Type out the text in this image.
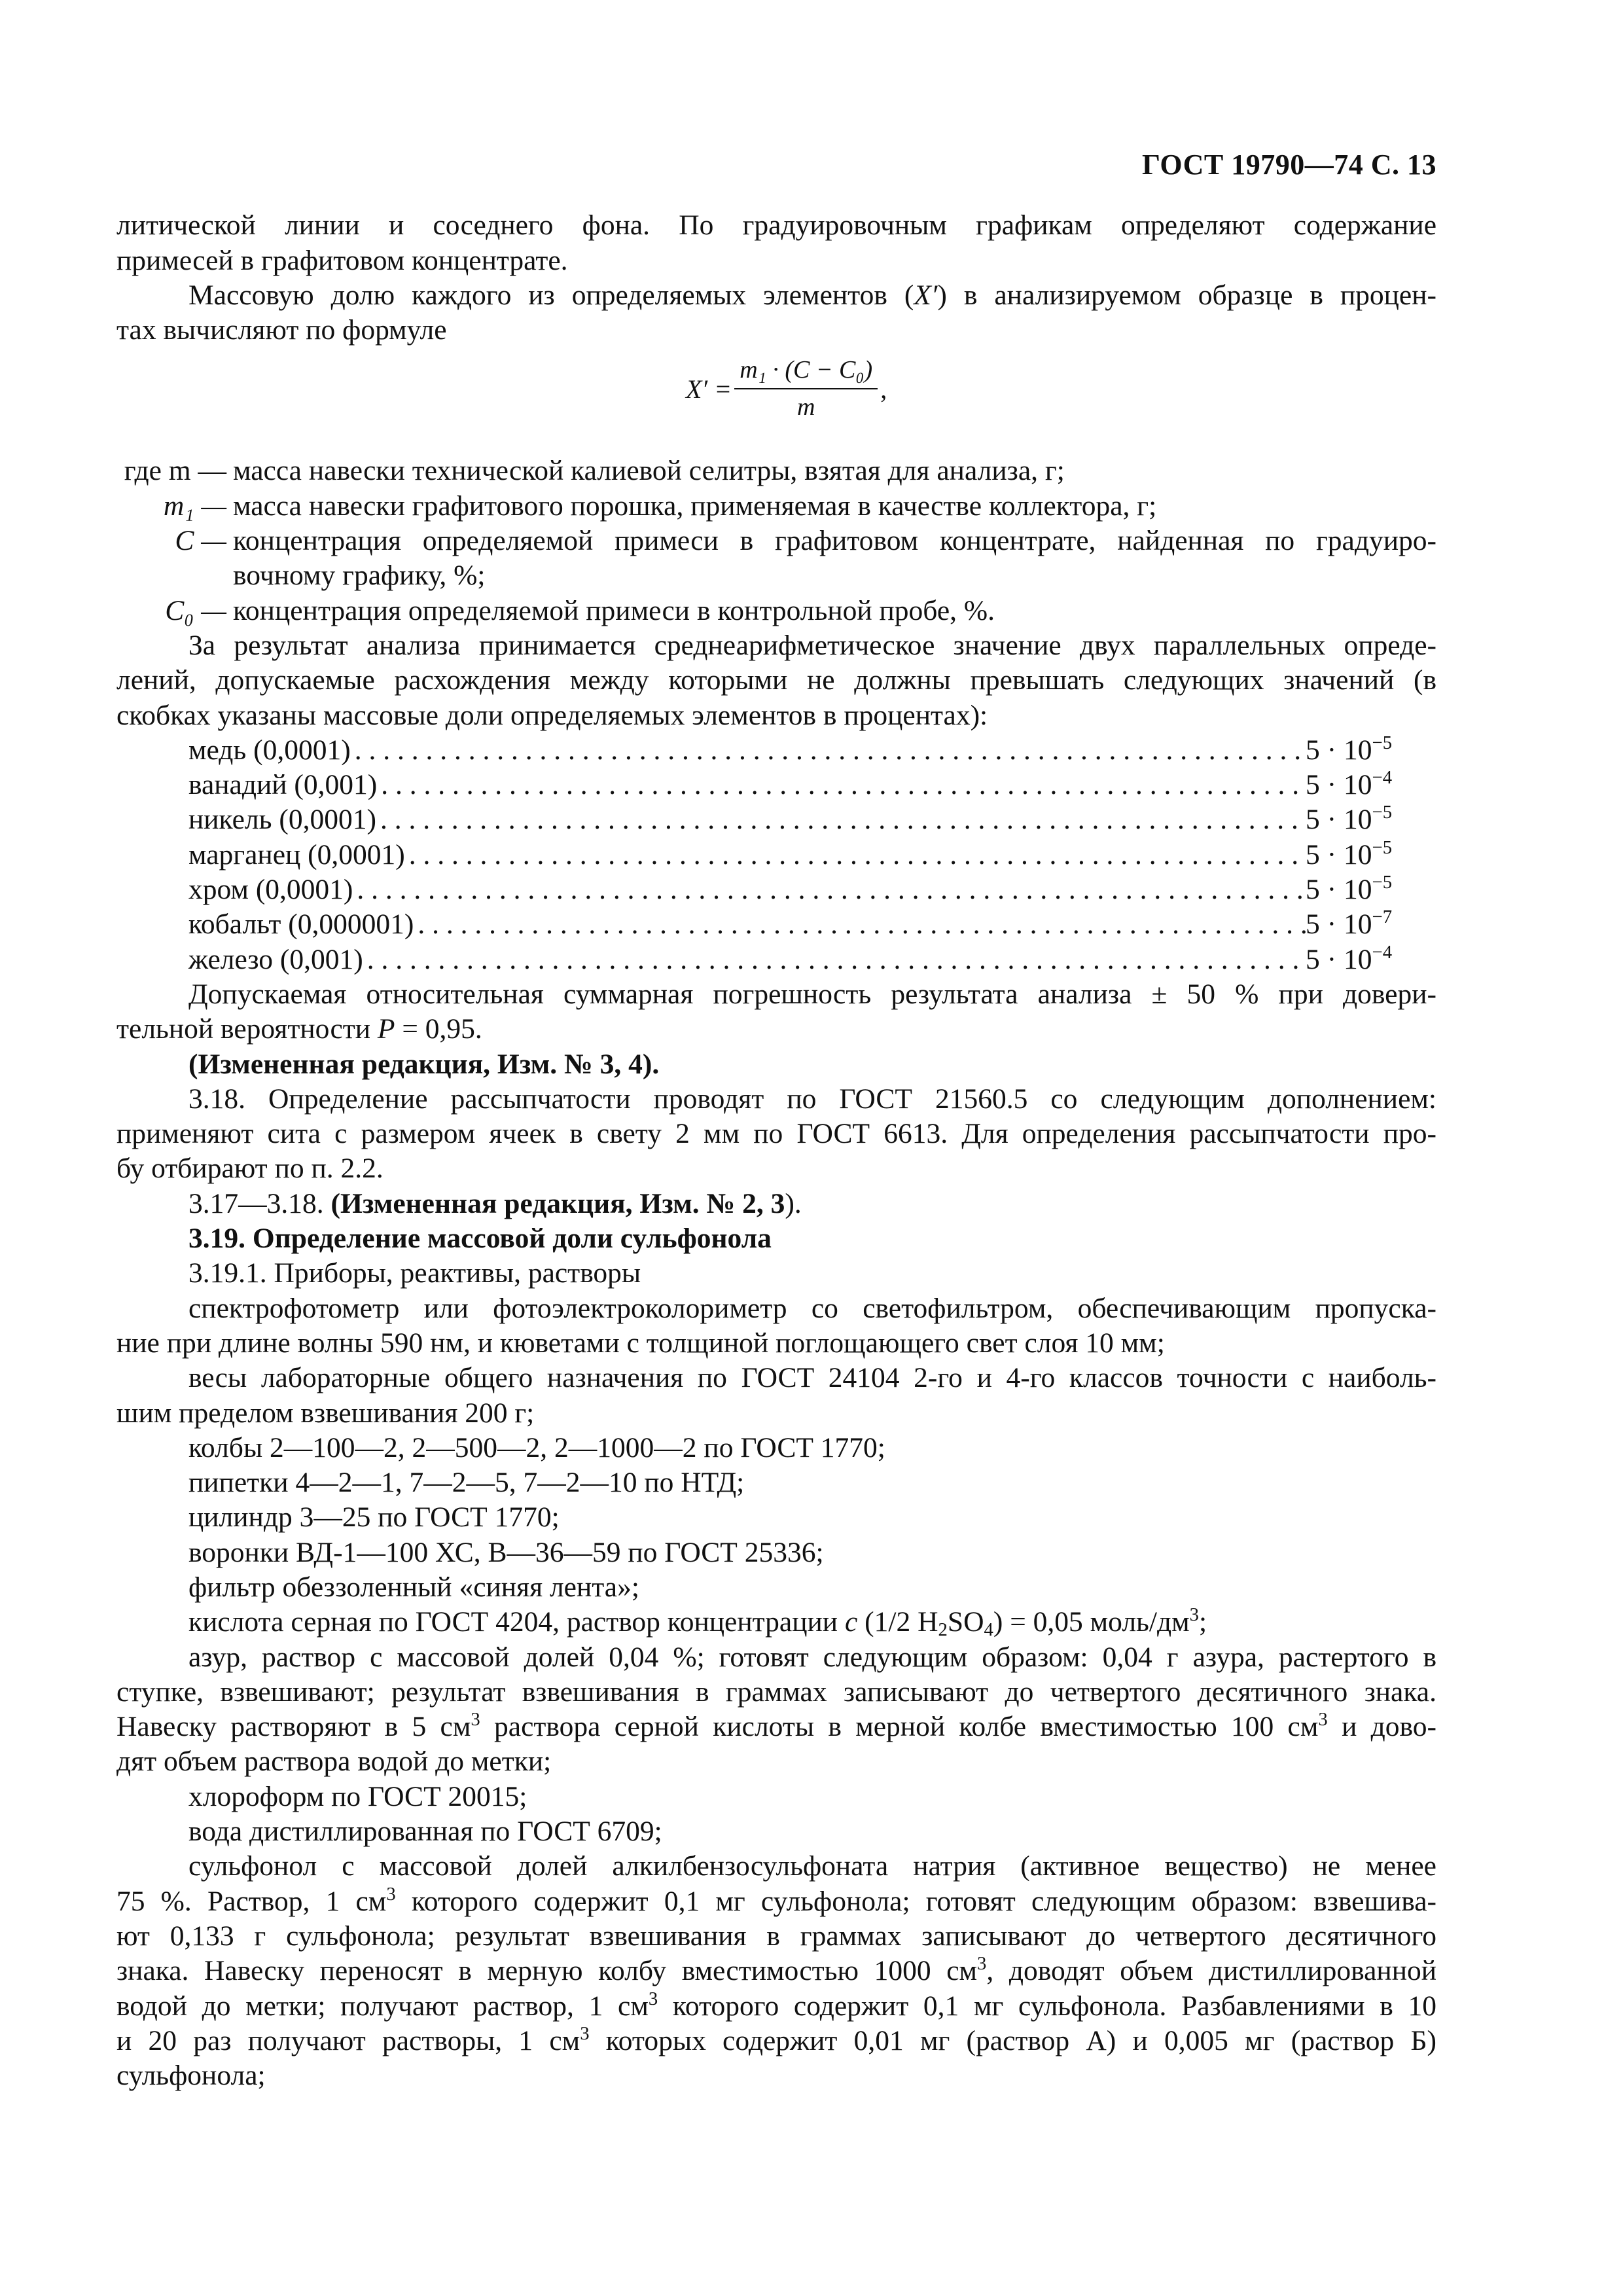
ГОСТ 19790—74 С. 13

литической линии и соседнего фона. По градуировочным графикам определяют содержание

примесей в графитовом концентрате.

Массовую долю каждого из определяемых элементов (X′) в анализируемом образце в процен-

тах вычисляют по формуле

$X' = \frac{\text{m₁ · (C − C₀)}}{m}$ ,
где m — масса навески технической калиевой селитры, взятая для анализа, г;
m₁ — масса навески графитового порошка, применяемая в качестве коллектора, г;
C — концентрация определяемой примеси в графитовом концентрате, найденная по градуиро-
вочному графику, %;
C₀ — концентрация определяемой примеси в контрольной пробе, %.

За результат анализа принимается среднеарифметическое значение двух параллельных опреде-

лений, допускаемые расхождения между которыми не должны превышать следующих значений (в

скобках указаны массовые доли определяемых элементов в процентах):

медь (0,0001) . . .	$5 \cdot 10^{-5}$
ванадий (0,001) . . .	$5 \cdot 10^{-4}$
никель (0,0001) . . .	$5 \cdot 10^{-5}$
марганец (0,0001) . . .	$5 \cdot 10^{-5}$
хром (0,0001) . . .	$5 \cdot 10^{-5}$
кобальт (0,000001) . . .	$5 \cdot 10^{-7}$
железо (0,001) . . .	$5 \cdot 10^{-4}$

Допускаемая относительная суммарная погрешность результата анализа ± 50 % при довери-

тельной вероятности P = 0,95.

(Измененная редакция, Изм. № 3, 4).

3.18. Определение рассыпчатости проводят по ГОСТ 21560.5 со следующим дополнением:

применяют сита с размером ячеек в свету 2 мм по ГОСТ 6613. Для определения рассыпчатости про-

бу отбирают по п. 2.2.

3.17—3.18. (Измененная редакция, Изм. № 2, 3).

3.19. Определение массовой доли сульфонола

3.19.1. Приборы, реактивы, растворы

спектрофотометр или фотоэлектроколориметр со светофильтром, обеспечивающим пропуска-

ние при длине волны 590 нм, и кюветами с толщиной поглощающего свет слоя 10 мм;

весы лабораторные общего назначения по ГОСТ 24104 2-го и 4-го классов точности с наиболь-

шим пределом взвешивания 200 г;

колбы 2—100—2, 2—500—2, 2—1000—2 по ГОСТ 1770;

пипетки 4—2—1, 7—2—5, 7—2—10 по НТД;

цилиндр 3—25 по ГОСТ 1770;

воронки ВД-1—100 ХС, В—36—59 по ГОСТ 25336;

фильтр обеззоленный «синяя лента»;

кислота серная по ГОСТ 4204, раствор концентрации c (1/2 $H_2SO_4) = 0,05$ моль/$дм^3$;

азур, раствор с массовой долей 0,04 %; готовят следующим образом: 0,04 г азура, растертого в

ступке, взвешивают; результат взвешивания в граммах записывают до четвертого десятичного знака.

Навеску растворяют в 5 $см^3$ раствора серной кислоты в мерной колбе вместимостью 100 $см^3$ и дово-

дят объем раствора водой до метки;

хлороформ по ГОСТ 20015;

вода дистиллированная по ГОСТ 6709;

сульфонол с массовой долей алкилбензосульфоната натрия (активное вещество) не менее

75 %. Раствор, 1 $см^3$ которого содержит 0,1 мг сульфонола; готовят следующим образом: взвешива-

ют 0,133 г сульфонола; результат взвешивания в граммах записывают до четвертого десятичного

знака. Навеску переносят в мерную колбу вместимостью 1000 $см^3$, доводят объем дистиллированной

водой до метки; получают раствор, 1 $см^3$ которого содержит 0,1 мг сульфонола. Разбавлениями в 10

и 20 раз получают растворы, 1 $см^3$ которых содержит 0,01 мг (раствор А) и 0,005 мг (раствор Б)

сульфонола;
